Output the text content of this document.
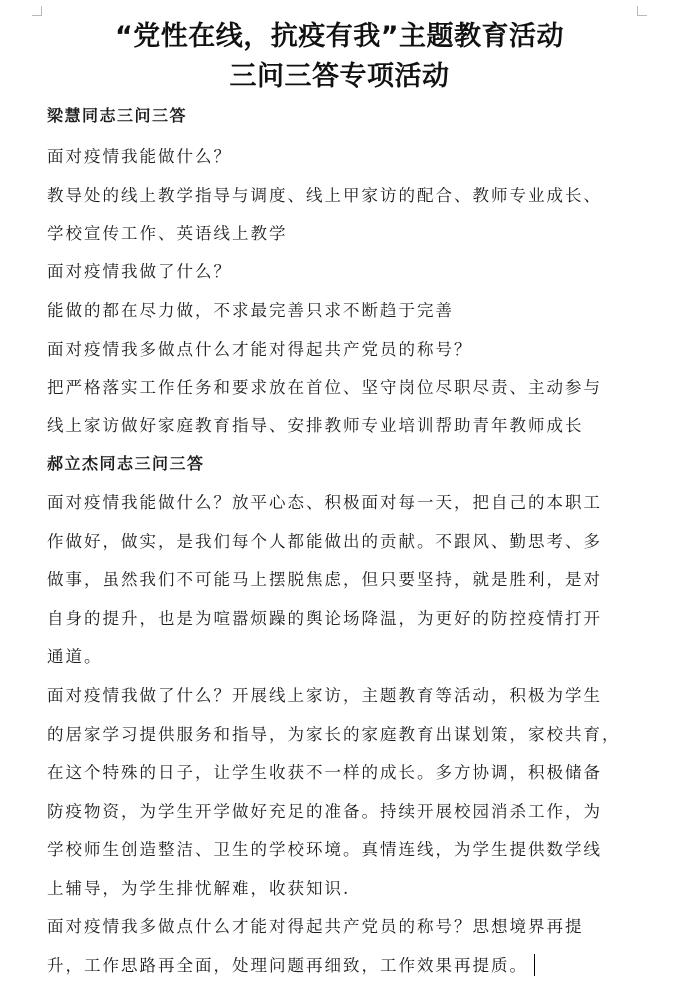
“党性在线，抗疫有我”主题教育活动
三问三答专项活动
梁慧同志三问三答
面对疫情我能做什么？
教导处的线上教学指导与调度、线上甲家访的配合、教师专业成长、
学校宣传工作、英语线上教学
面对疫情我做了什么？
能做的都在尽力做，不求最完善只求不断趋于完善
面对疫情我多做点什么才能对得起共产党员的称号？
把严格落实工作任务和要求放在首位、坚守岗位尽职尽责、主动参与
线上家访做好家庭教育指导、安排教师专业培训帮助青年教师成长
郝立杰同志三问三答
面对疫情我能做什么？放平心态、积极面对每一天，把自己的本职工
作做好，做实，是我们每个人都能做出的贡献。不跟风、勤思考、多
做事，虽然我们不可能马上摆脱焦虑，但只要坚持，就是胜利，是对
自身的提升，也是为喧嚣烦躁的舆论场降温，为更好的防控疫情打开
通道。
面对疫情我做了什么？开展线上家访，主题教育等活动，积极为学生
的居家学习提供服务和指导，为家长的家庭教育出谋划策，家校共育，
在这个特殊的日子，让学生收获不一样的成长。多方协调，积极储备
防疫物资，为学生开学做好充足的准备。持续开展校园消杀工作，为
学校师生创造整洁、卫生的学校环境。真情连线，为学生提供数学线
上辅导，为学生排忧解难，收获知识.
面对疫情我多做点什么才能对得起共产党员的称号？思想境界再提
升，工作思路再全面，处理问题再细致，工作效果再提质。
